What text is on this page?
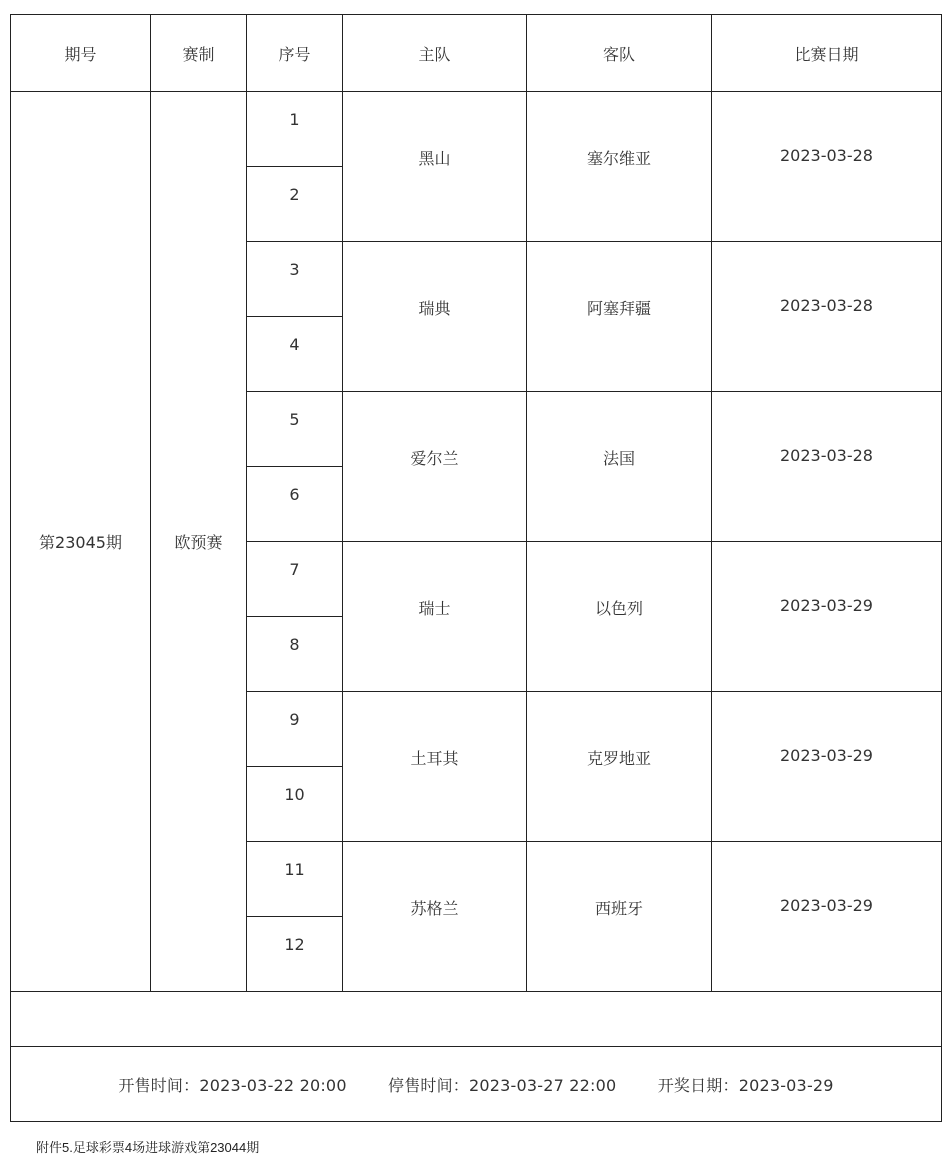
期号	赛制	序号	主队	客队	比赛日期
第23045期	欧预赛	1	黑山	塞尔维亚	2023-03-28
		2			
		3	瑞典	阿塞拜疆	2023-03-28
		4			
		5	爱尔兰	法国	2023-03-28
		6			
		7	瑞士	以色列	2023-03-29
		8			
		9	土耳其	克罗地亚	2023-03-29
		10			
		11	苏格兰	西班牙	2023-03-29
		12			

开售时间：2023-03-22 20:00 停售时间：2023-03-27 22:00 开奖日期：2023-03-29					
附件5.足球彩票4场进球游戏第23044期
